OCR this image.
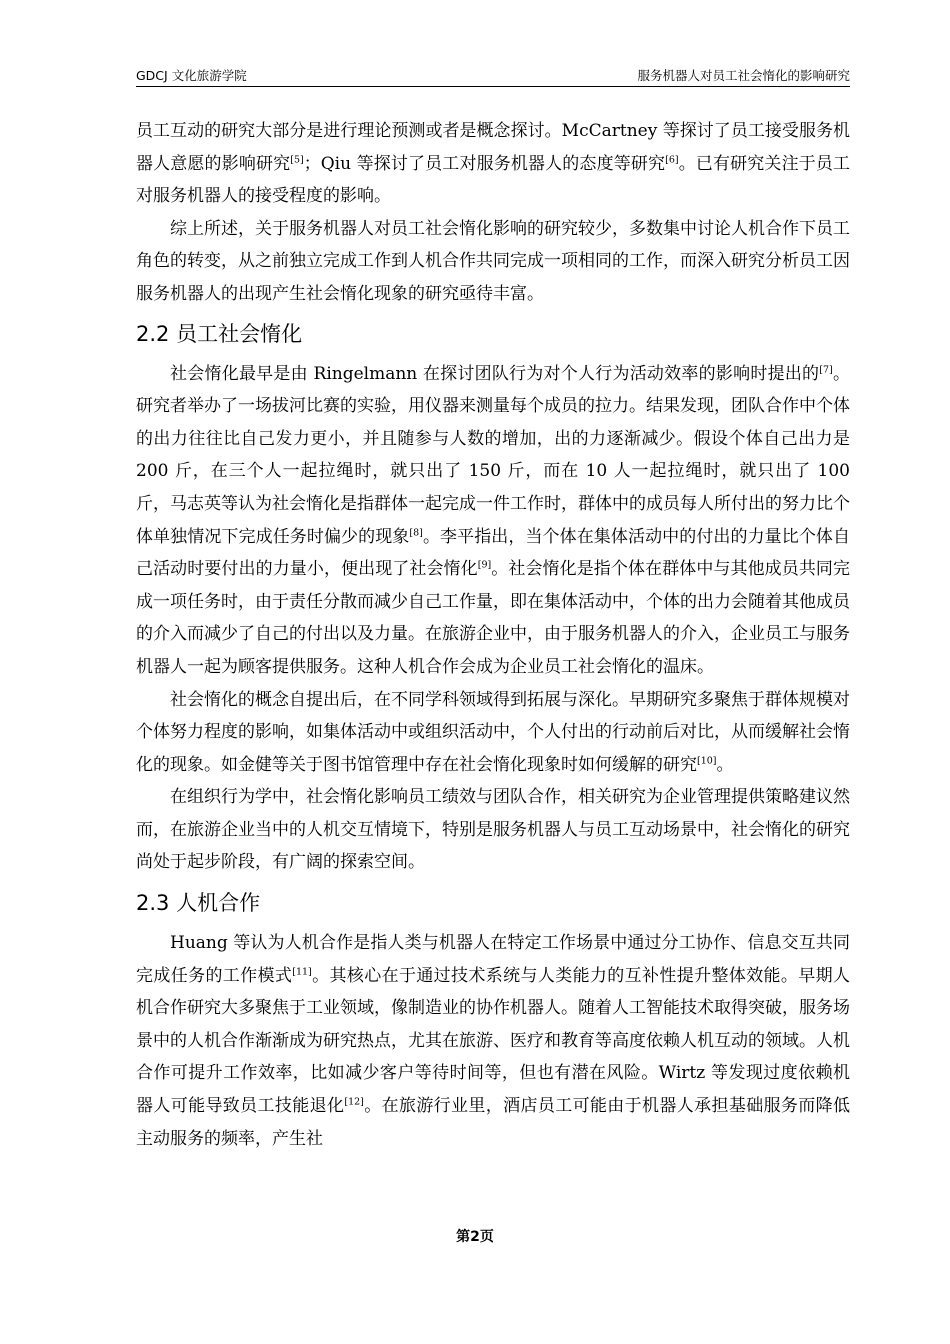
GDCJ 文化旅游学院	服务机器人对员工社会惰化的影响研究

员工互动的研究大部分是进行理论预测或者是概念探讨。McCartney 等探讨了员工接受服务机器人意愿的影响研究[5]；Qiu 等探讨了员工对服务机器人的态度等研究[6]。已有研究关注于员工对服务机器人的接受程度的影响。

综上所述，关于服务机器人对员工社会惰化影响的研究较少，多数集中讨论人机合作下员工角色的转变，从之前独立完成工作到人机合作共同完成一项相同的工作，而深入研究分析员工因服务机器人的出现产生社会惰化现象的研究亟待丰富。

2.2 员工社会惰化

社会惰化最早是由 Ringelmann 在探讨团队行为对个人行为活动效率的影响时提出的[7]。研究者举办了一场拔河比赛的实验，用仪器来测量每个成员的拉力。结果发现，团队合作中个体的出力往往比自己发力更小，并且随参与人数的增加，出的力逐渐减少。假设个体自己出力是 200 斤，在三个人一起拉绳时，就只出了 150 斤，而在 10 人一起拉绳时，就只出了 100 斤，马志英等认为社会惰化是指群体一起完成一件工作时，群体中的成员每人所付出的努力比个体单独情况下完成任务时偏少的现象[8]。李平指出，当个体在集体活动中的付出的力量比个体自己活动时要付出的力量小，便出现了社会惰化[9]。社会惰化是指个体在群体中与其他成员共同完成一项任务时，由于责任分散而减少自己工作量，即在集体活动中，个体的出力会随着其他成员的介入而减少了自己的付出以及力量。在旅游企业中，由于服务机器人的介入，企业员工与服务机器人一起为顾客提供服务。这种人机合作会成为企业员工社会惰化的温床。

社会惰化的概念自提出后，在不同学科领域得到拓展与深化。早期研究多聚焦于群体规模对个体努力程度的影响，如集体活动中或组织活动中，个人付出的行动前后对比，从而缓解社会惰化的现象。如金健等关于图书馆管理中存在社会惰化现象时如何缓解的研究[10]。

在组织行为学中，社会惰化影响员工绩效与团队合作，相关研究为企业管理提供策略建议然而，在旅游企业当中的人机交互情境下，特别是服务机器人与员工互动场景中，社会惰化的研究尚处于起步阶段，有广阔的探索空间。

2.3 人机合作

Huang 等认为人机合作是指人类与机器人在特定工作场景中通过分工协作、信息交互共同完成任务的工作模式[11]。其核心在于通过技术系统与人类能力的互补性提升整体效能。早期人机合作研究大多聚焦于工业领域，像制造业的协作机器人。随着人工智能技术取得突破，服务场景中的人机合作渐渐成为研究热点，尤其在旅游、医疗和教育等高度依赖人机互动的领域。人机合作可提升工作效率，比如减少客户等待时间等，但也有潜在风险。Wirtz 等发现过度依赖机器人可能导致员工技能退化[12]。在旅游行业里，酒店员工可能由于机器人承担基础服务而降低主动服务的频率，产生社

第2页
